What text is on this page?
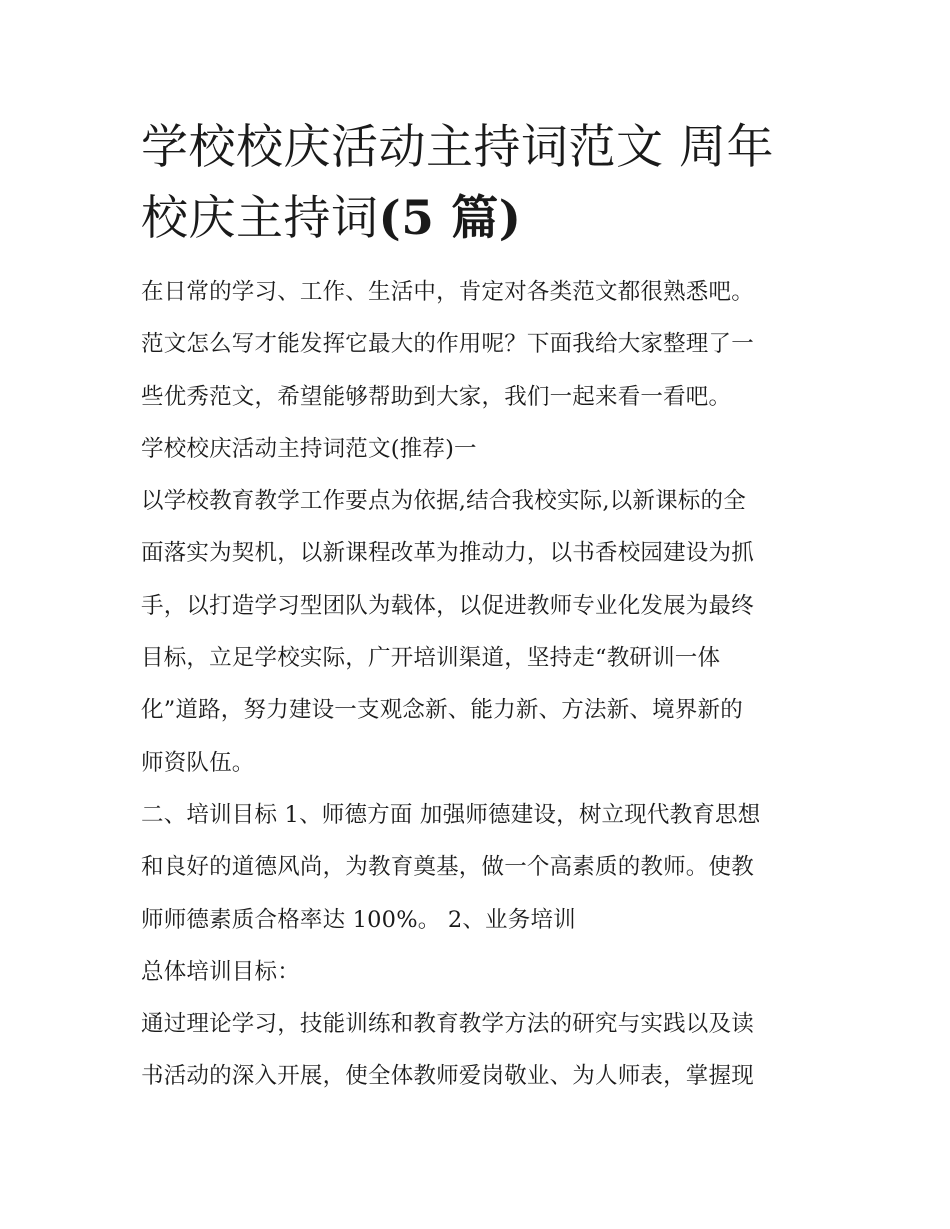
学校校庆活动主持词范文 周年
校庆主持词(5 篇)

在日常的学习、工作、生活中，肯定对各类范文都很熟悉吧。
范文怎么写才能发挥它最大的作用呢？下面我给大家整理了一
些优秀范文，希望能够帮助到大家，我们一起来看一看吧。

学校校庆活动主持词范文(推荐)一

以学校教育教学工作要点为依据,结合我校实际,以新课标的全
面落实为契机，以新课程改革为推动力，以书香校园建设为抓
手，以打造学习型团队为载体，以促进教师专业化发展为最终
目标，立足学校实际，广开培训渠道，坚持走“教研训一体
化”道路，努力建设一支观念新、能力新、方法新、境界新的
师资队伍。

二、培训目标 1、师德方面 加强师德建设，树立现代教育思想
和良好的道德风尚，为教育奠基，做一个高素质的教师。使教
师师德素质合格率达 100%。 2、业务培训

总体培训目标：

通过理论学习，技能训练和教育教学方法的研究与实践以及读
书活动的深入开展，使全体教师爱岗敬业、为人师表，掌握现
